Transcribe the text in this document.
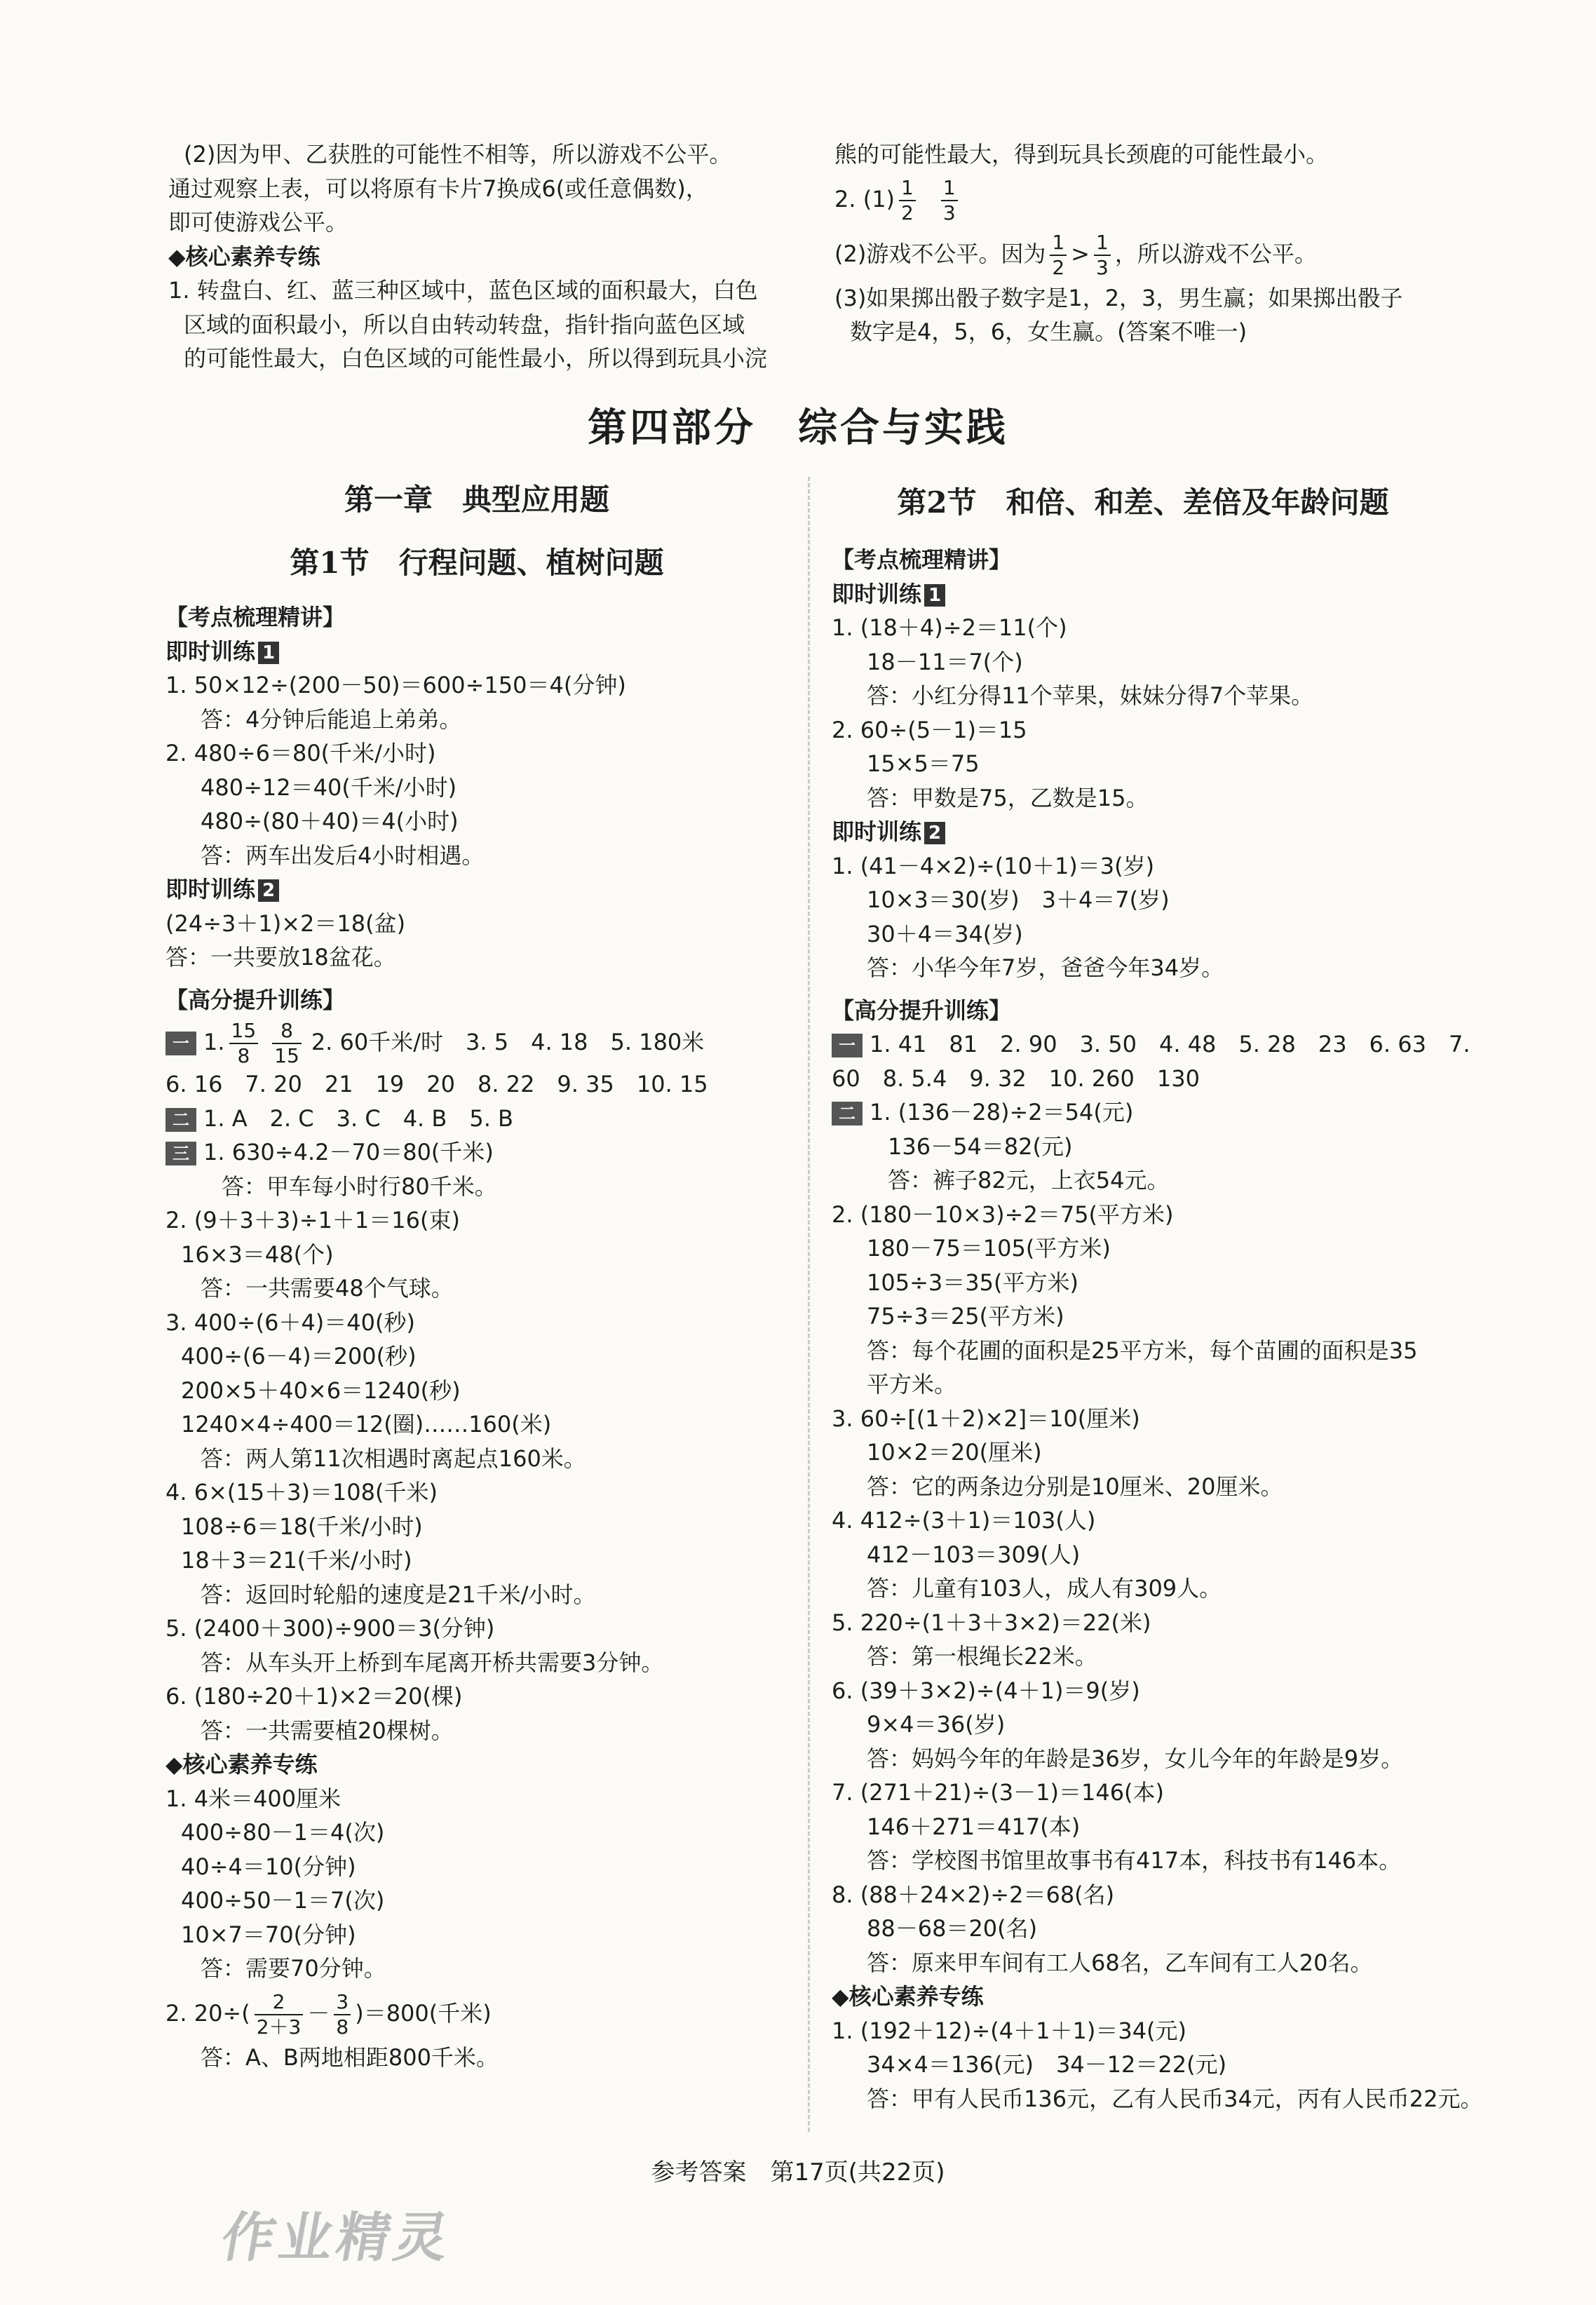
(2)因为甲、乙获胜的可能性不相等，所以游戏不公平。
通过观察上表，可以将原有卡片7换成6(或任意偶数)，
即可使游戏公平。
◆核心素养专练
1. 转盘白、红、蓝三种区域中，蓝色区域的面积最大，白色
区域的面积最小，所以自由转动转盘，指针指向蓝色区域
的可能性最大，白色区域的可能性最小，所以得到玩具小浣
熊的可能性最大，得到玩具长颈鹿的可能性最小。
2. $(1) \frac{1}{2} \frac{1}{3}$
(2)游戏不公平。因为 $\frac{1}{2} > \frac{1}{3}$ ，所以游戏不公平。
(3)如果掷出骰子数字是1，2，3，男生赢；如果掷出骰子
数字是4，5，6，女生赢。(答案不唯一)
第四部分　综合与实践
第一章　典型应用题
第1节　行程问题、植树问题
第2节　和倍、和差、差倍及年龄问题
【考点梳理精讲】
即时训练 1
1. 50×12÷(200－50)＝600÷150＝4(分钟)
答：4分钟后能追上弟弟。
2. 480÷6＝80(千米/小时)
480÷12＝40(千米/小时)
480÷(80＋40)＝4(小时)
答：两车出发后4小时相遇。
即时训练 2
(24÷3＋1)×2＝18(盆)
答：一共要放18盆花。
【高分提升训练】
一 1. $\frac{15}{8} \frac{8}{15} 2$. 60千米/时　3. 5　4. 18　5. 180米
6. 16　7. 20　21　19　20　8. 22　9. 35　10. 15
二 1. A　2. C　3. C　4. B　5. B
三 1. 630÷4.2－70＝80(千米)
答：甲车每小时行80千米。
2. (9＋3＋3)÷1＋1＝16(束)
16×3＝48(个)
答：一共需要48个气球。
3. 400÷(6＋4)＝40(秒)
400÷(6－4)＝200(秒)
200×5＋40×6＝1240(秒)
1240×4÷400＝12(圈)……160(米)
答：两人第11次相遇时离起点160米。
4. 6×(15＋3)＝108(千米)
108÷6＝18(千米/小时)
18＋3＝21(千米/小时)
答：返回时轮船的速度是21千米/小时。
5. (2400＋300)÷900＝3(分钟)
答：从车头开上桥到车尾离开桥共需要3分钟。
6. (180÷20＋1)×2＝20(棵)
答：一共需要植20棵树。
◆核心素养专练
1. 4米＝400厘米
400÷80－1＝4(次)
40÷4＝10(分钟)
400÷50－1＝7(次)
10×7＝70(分钟)
答：需要70分钟。
2. $20\div( \frac{2}{2+3} - \frac{3}{8} )=800$(千米)
答：A、B两地相距800千米。
【考点梳理精讲】
即时训练 1
1. (18＋4)÷2＝11(个)
18－11＝7(个)
答：小红分得11个苹果，妹妹分得7个苹果。
2. 60÷(5－1)＝15
15×5＝75
答：甲数是75，乙数是15。
即时训练 2
1. (41－4×2)÷(10＋1)＝3(岁)
10×3＝30(岁)　3＋4＝7(岁)
30＋4＝34(岁)
答：小华今年7岁，爸爸今年34岁。
【高分提升训练】
一 1. 41　81　2. 90　3. 50　4. 48　5. 28　23　6. 63　7.
60　8. 5.4　9. 32　10. 260　130
二 1. (136－28)÷2＝54(元)
136－54＝82(元)
答：裤子82元，上衣54元。
2. (180－10×3)÷2＝75(平方米)
180－75＝105(平方米)
105÷3＝35(平方米)
75÷3＝25(平方米)
答：每个花圃的面积是25平方米，每个苗圃的面积是35
平方米。
3. 60÷[(1＋2)×2]＝10(厘米)
10×2＝20(厘米)
答：它的两条边分别是10厘米、20厘米。
4. 412÷(3＋1)＝103(人)
412－103＝309(人)
答：儿童有103人，成人有309人。
5. 220÷(1＋3＋3×2)＝22(米)
答：第一根绳长22米。
6. (39＋3×2)÷(4＋1)＝9(岁)
9×4＝36(岁)
答：妈妈今年的年龄是36岁，女儿今年的年龄是9岁。
7. (271＋21)÷(3－1)＝146(本)
146＋271＝417(本)
答：学校图书馆里故事书有417本，科技书有146本。
8. (88＋24×2)÷2＝68(名)
88－68＝20(名)
答：原来甲车间有工人68名，乙车间有工人20名。
◆核心素养专练
1. (192＋12)÷(4＋1＋1)＝34(元)
34×4＝136(元)　34－12＝22(元)
答：甲有人民币136元，乙有人民币34元，丙有人民币22元。
参考答案　第17页(共22页)
作业精灵
